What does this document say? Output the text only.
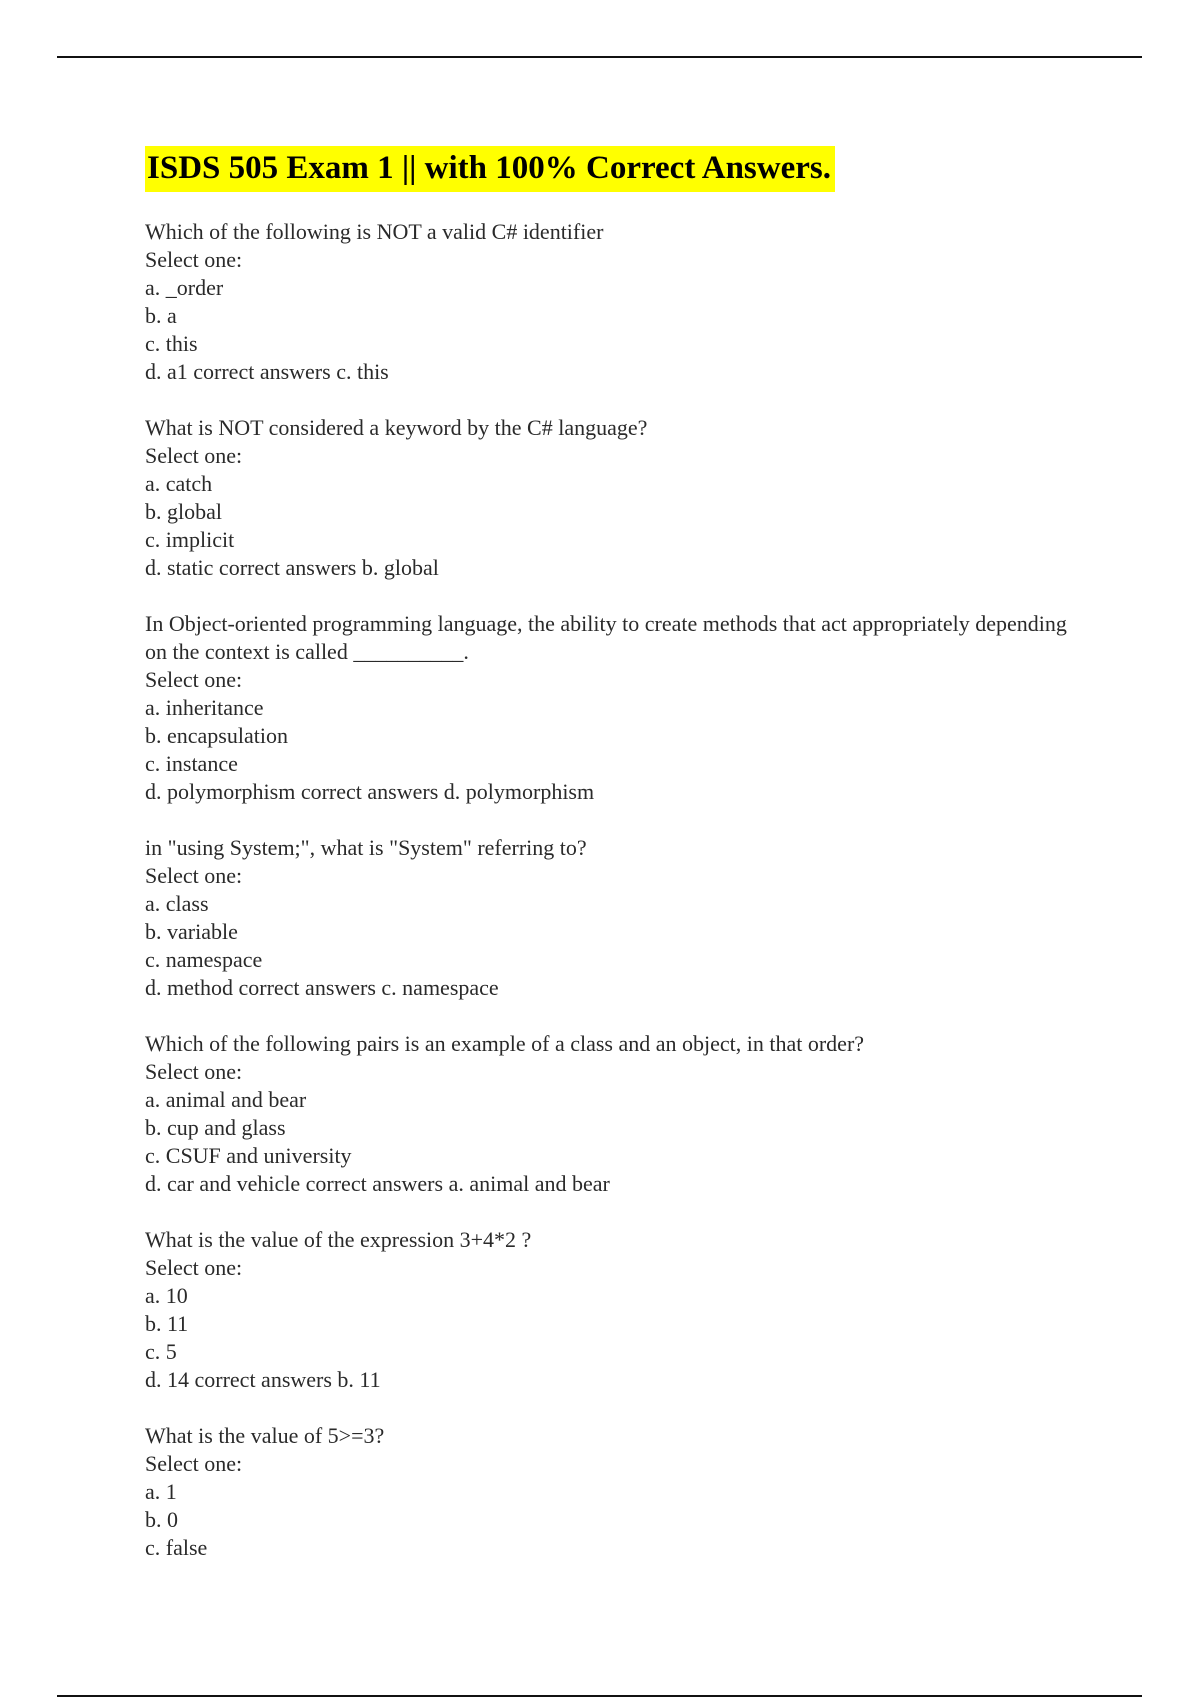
ISDS 505 Exam 1 || with 100% Correct Answers.

Which of the following is NOT a valid C# identifier
Select one:
a. _order
b. a
c. this
d. a1 correct answers c. this

What is NOT considered a keyword by the C# language?
Select one:
a. catch
b. global
c. implicit
d. static correct answers b. global

In Object-oriented programming language, the ability to create methods that act appropriately depending on the context is called __________.
Select one:
a. inheritance
b. encapsulation
c. instance
d. polymorphism correct answers d. polymorphism

in "using System;", what is "System" referring to?
Select one:
a. class
b. variable
c. namespace
d. method correct answers c. namespace

Which of the following pairs is an example of a class and an object, in that order?
Select one:
a. animal and bear
b. cup and glass
c. CSUF and university
d. car and vehicle correct answers a. animal and bear

What is the value of the expression 3+4*2 ?
Select one:
a. 10
b. 11
c. 5
d. 14 correct answers b. 11

What is the value of 5>=3?
Select one:
a. 1
b. 0
c. false
